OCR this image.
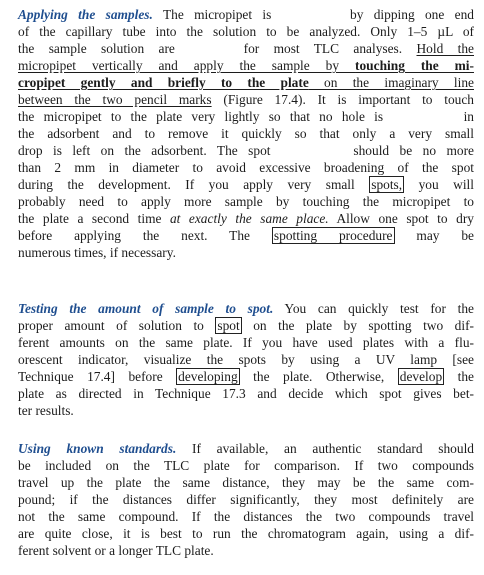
Applying the samples. The micropipet is	by dipping one end
of the capillary tube into the solution to be analyzed. Only 1–5 µL of
the sample solution are	for most TLC analyses. Hold the
micropipet vertically and apply the sample by touching the mi-
cropipet gently and briefly to the plate on the imaginary line
between the two pencil marks (Figure 17.4). It is important to touch
the micropipet to the plate very lightly so that no hole is	in
the adsorbent and to remove it quickly so that only a very small
drop is left on the adsorbent. The spot	should be no more
than 2 mm in diameter to avoid excessive broadening of the spot
during the development. If you apply very small spots, you will
probably need to apply more sample by touching the micropipet to
the plate a second time at exactly the same place. Allow one spot to dry
before applying the next. The spotting procedure may be
numerous times, if necessary.
Testing the amount of sample to spot. You can quickly test for the
proper amount of solution to spot on the plate by spotting two dif-
ferent amounts on the same plate. If you have used plates with a flu-
orescent indicator, visualize the spots by using a UV lamp [see
Technique 17.4] before developing the plate. Otherwise, develop the
plate as directed in Technique 17.3 and decide which spot gives bet-
ter results.
Using known standards. If available, an authentic standard should
be included on the TLC plate for comparison. If two compounds
travel up the plate the same distance, they may be the same com-
pound; if the distances differ significantly, they most definitely are
not the same compound. If the distances the two compounds travel
are quite close, it is best to run the chromatogram again, using a dif-
ferent solvent or a longer TLC plate.
